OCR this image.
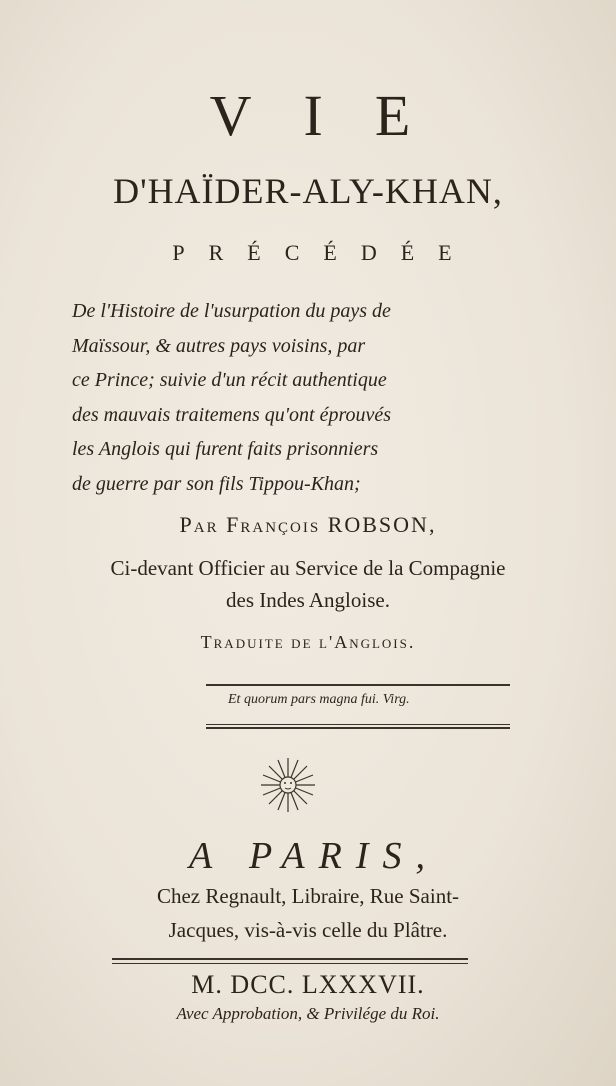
VIE
D'HAÏDER-ALY-KHAN,
PRÉCÉDÉE
De l'Histoire de l'usurpation du pays de
Maïssour, & autres pays voisins, par
ce Prince; suivie d'un récit authentique
des mauvais traitemens qu'ont éprouvés
les Anglois qui furent faits prisonniers
de guerre par son fils Tippou-Khan;
Par François ROBSON,
Ci-devant Officier au Service de la Compagnie
des Indes Angloise.
Traduite de l'Anglois.
Et quorum pars magna fui. Virg.
A PARIS,
Chez Regnault, Libraire, Rue Saint-
Jacques, vis-à-vis celle du Plâtre.
M. DCC. LXXXVII.
Avec Approbation, & Privilége du Roi.
